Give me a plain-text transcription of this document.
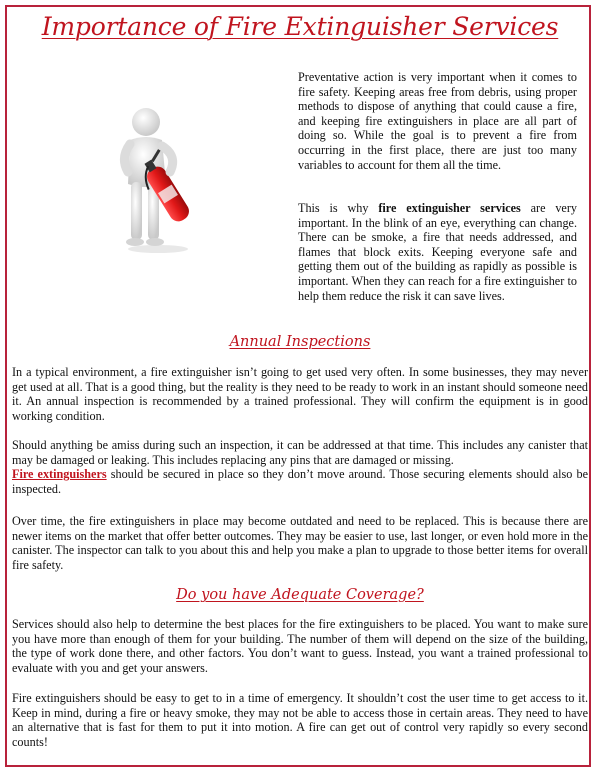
Importance of Fire Extinguisher Services

Preventative action is very important when it comes to fire safety. Keeping areas free from debris, using proper methods to dispose of anything that could cause a fire, and keeping fire extinguishers in place are all part of doing so. While the goal is to prevent a fire from occurring in the first place, there are just too many variables to account for them all the time.

This is why fire extinguisher services are very important. In the blink of an eye, everything can change. There can be smoke, a fire that needs addressed, and flames that block exits. Keeping everyone safe and getting them out of the building as rapidly as possible is important. When they can reach for a fire extinguisher to help them reduce the risk it can save lives.

Annual Inspections

In a typical environment, a fire extinguisher isn’t going to get used very often. In some businesses, they may never get used at all. That is a good thing, but the reality is they need to be ready to work in an instant should someone need it. An annual inspection is recommended by a trained professional. They will confirm the equipment is in good working condition.

Should anything be amiss during such an inspection, it can be addressed at that time. This includes any canister that may be damaged or leaking. This includes replacing any pins that are damaged or missing.
Fire extinguishers should be secured in place so they don’t move around. Those securing elements should also be inspected.

Over time, the fire extinguishers in place may become outdated and need to be replaced. This is because there are newer items on the market that offer better outcomes. They may be easier to use, last longer, or even hold more in the canister. The inspector can talk to you about this and help you make a plan to upgrade to those better items for overall fire safety.

Do you have Adequate Coverage?

Services should also help to determine the best places for the fire extinguishers to be placed. You want to make sure you have more than enough of them for your building. The number of them will depend on the size of the building, the type of work done there, and other factors. You don’t want to guess. Instead, you want a trained professional to evaluate with you and get your answers.

Fire extinguishers should be easy to get to in a time of emergency. It shouldn’t cost the user time to get access to it. Keep in mind, during a fire or heavy smoke, they may not be able to access those in certain areas. They need to have an alternative that is fast for them to put it into motion. A fire can get out of control very rapidly so every second counts!
